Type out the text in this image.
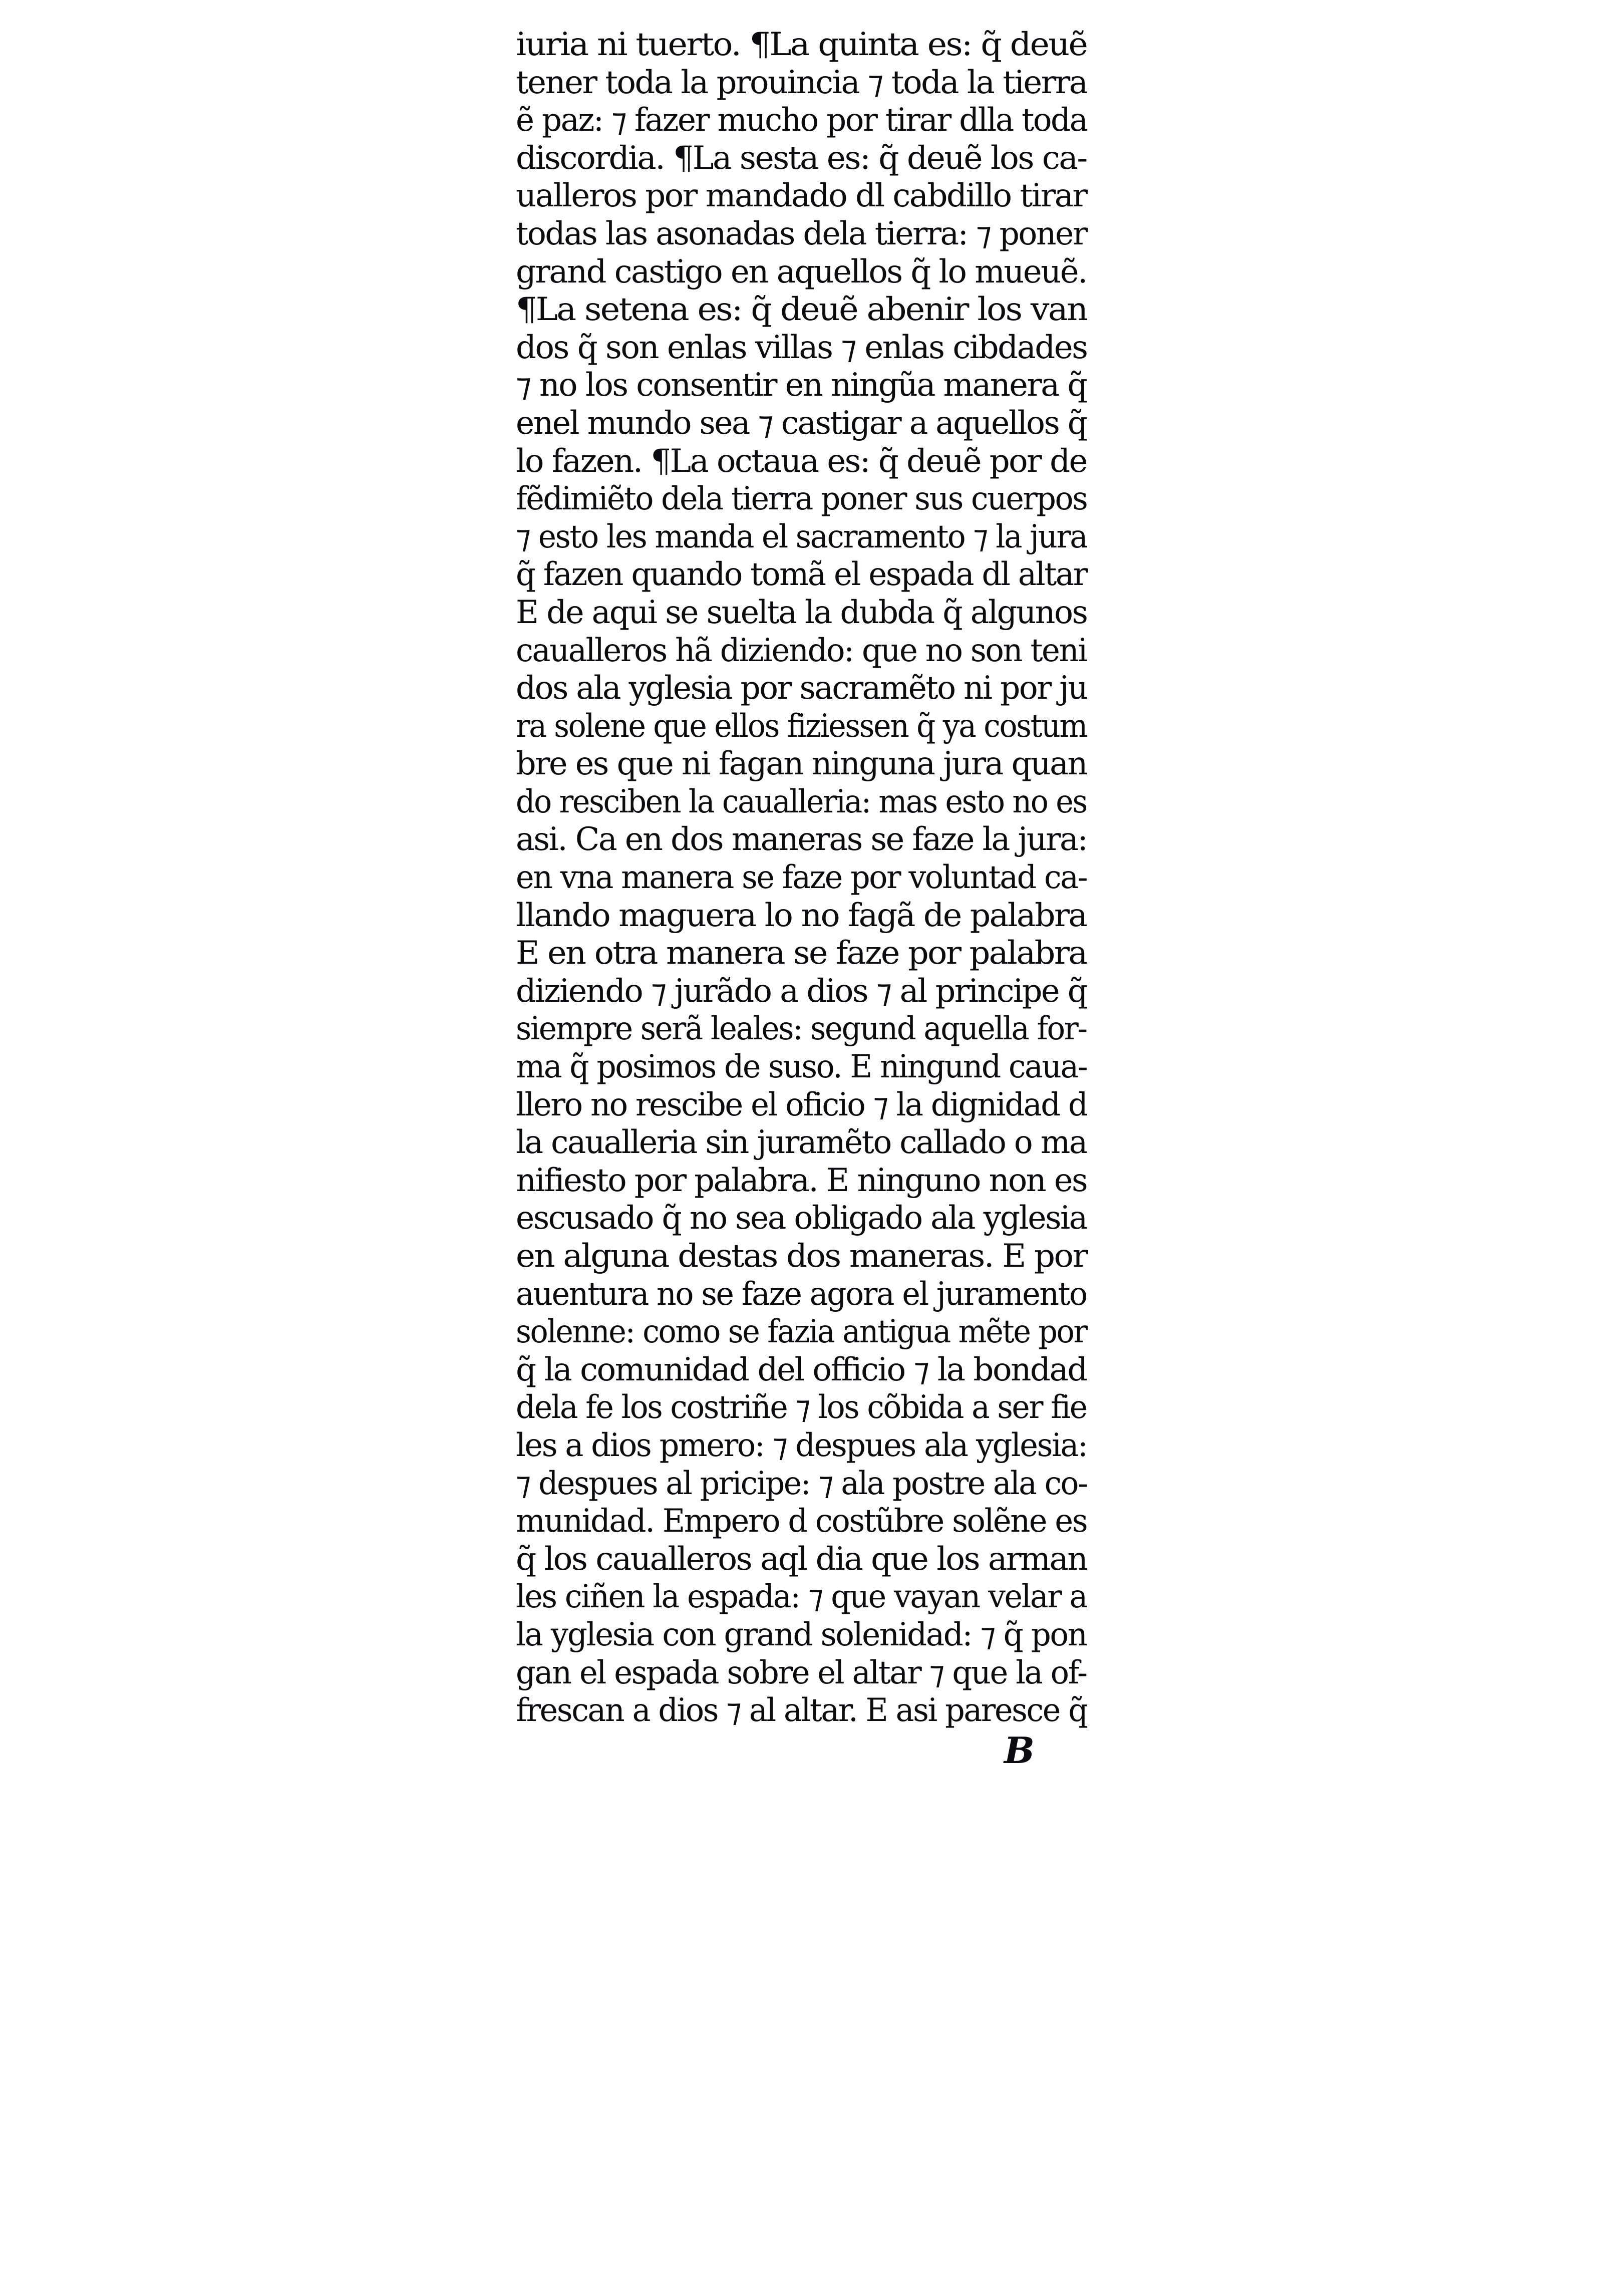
iuria ni tuerto. ¶La quinta es: q̃ deuẽ
tener toda la prouincia ⁊ toda la tierra
ẽ paz: ⁊ fazer mucho por tirar dlla toda
discordia. ¶La sesta es: q̃ deuẽ los ca-
ualleros por mandado dl cabdillo tirar
todas las asonadas dela tierra: ⁊ poner
grand castigo en aquellos q̃ lo mueuẽ.
¶La setena es: q̃ deuẽ abenir los van
dos q̃ son enlas villas ⁊ enlas cibdades
⁊ no los consentir en ningũa manera q̃
enel mundo sea ⁊ castigar a aquellos q̃
lo fazen. ¶La octaua es: q̃ deuẽ por de
fẽdimiẽto dela tierra poner sus cuerpos
⁊ esto les manda el sacramento ⁊ la jura
q̃ fazen quando tomã el espada dl altar
E de aqui se suelta la dubda q̃ algunos
caualleros hã diziendo: que no son teni
dos ala yglesia por sacramẽto ni por ju
ra solene que ellos fiziessen q̃ ya costum
bre es que ni fagan ninguna jura quan
do resciben la caualleria: mas esto no es
asi. Ca en dos maneras se faze la jura:
en vna manera se faze por voluntad ca-
llando maguera lo no fagã de palabra
E en otra manera se faze por palabra
diziendo ⁊ jurãdo a dios ⁊ al principe q̃
siempre serã leales: segund aquella for-
ma q̃ posimos de suso. E ningund caua-
llero no rescibe el oficio ⁊ la dignidad d
la caualleria sin juramẽto callado o ma
nifiesto por palabra. E ninguno non es
escusado q̃ no sea obligado ala yglesia
en alguna destas dos maneras. E por
auentura no se faze agora el juramento
solenne: como se fazia antigua mẽte por
q̃ la comunidad del officio ⁊ la bondad
dela fe los costriñe ⁊ los cõbida a ser fie
les a dios pmero: ⁊ despues ala yglesia:
⁊ despues al pricipe: ⁊ ala postre ala co-
munidad. Empero d costũbre solẽne es
q̃ los caualleros aql dia que los arman
les ciñen la espada: ⁊ que vayan velar a
la yglesia con grand solenidad: ⁊ q̃ pon
gan el espada sobre el altar ⁊ que la of-
frescan a dios ⁊ al altar. E asi paresce q̃
B
